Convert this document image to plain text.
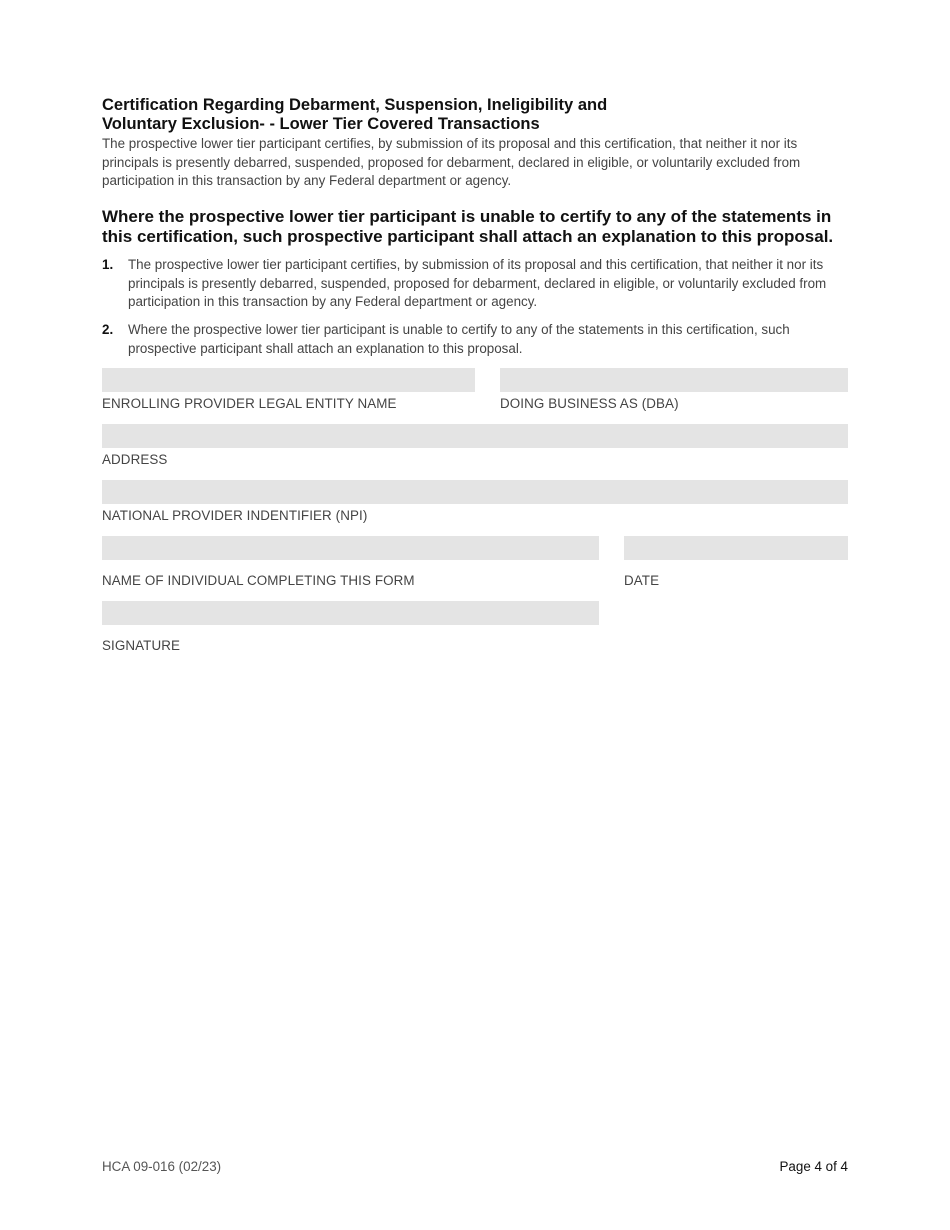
Certification Regarding Debarment, Suspension, Ineligibility and
Voluntary Exclusion- - Lower Tier Covered Transactions
The prospective lower tier participant certifies, by submission of its proposal and this certification, that neither it nor its principals is presently debarred, suspended, proposed for debarment, declared in eligible, or voluntarily excluded from participation in this transaction by any Federal department or agency.
Where the prospective lower tier participant is unable to certify to any of the statements in this certification, such prospective participant shall attach an explanation to this proposal.
1. The prospective lower tier participant certifies, by submission of its proposal and this certification, that neither it nor its principals is presently debarred, suspended, proposed for debarment, declared in eligible, or voluntarily excluded from participation in this transaction by any Federal department or agency.
2. Where the prospective lower tier participant is unable to certify to any of the statements in this certification, such prospective participant shall attach an explanation to this proposal.
ENROLLING PROVIDER LEGAL ENTITY NAME	DOING BUSINESS AS (DBA)
ADDRESS
NATIONAL PROVIDER INDENTIFIER (NPI)
NAME OF INDIVIDUAL COMPLETING THIS FORM	DATE
SIGNATURE
HCA 09-016 (02/23)	Page 4 of 4
